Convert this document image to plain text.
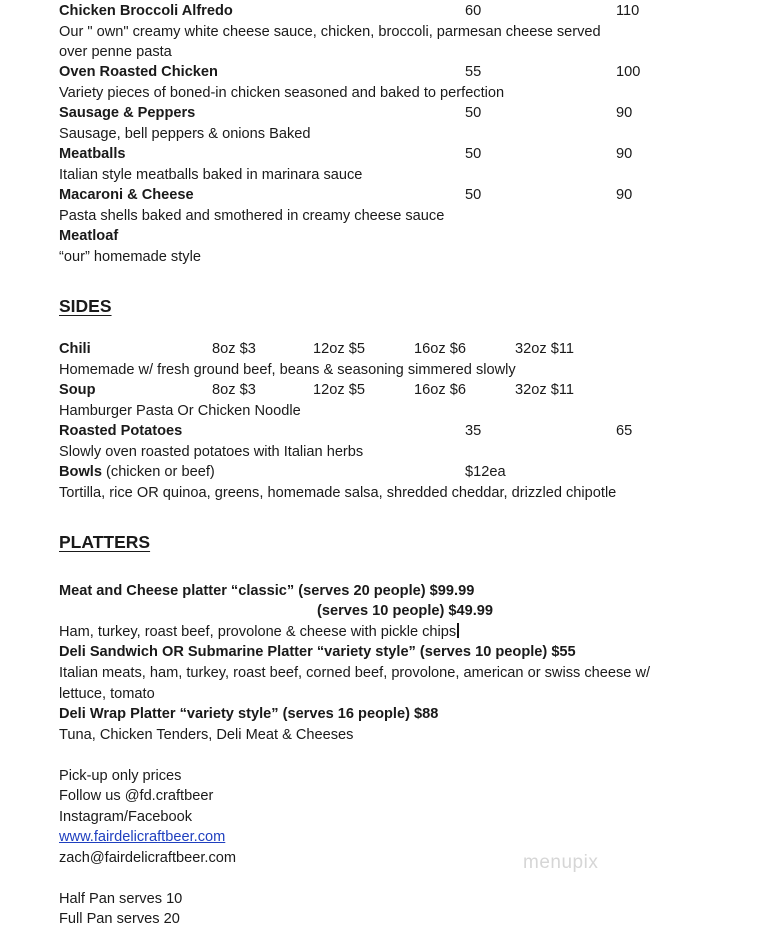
Chicken Broccoli Alfredo	60	110
Our " own" creamy white cheese sauce, chicken, broccoli, parmesan cheese served
over penne pasta
Oven Roasted Chicken	55	100
Variety pieces of boned-in chicken seasoned and baked to perfection
Sausage & Peppers	50	90
Sausage, bell peppers & onions Baked
Meatballs	50	90
Italian style meatballs baked in marinara sauce
Macaroni & Cheese	50	90
Pasta shells baked and smothered in creamy cheese sauce
Meatloaf
“our” homemade style
SIDES
Chili	8oz $3	12oz $5	16oz $6	32oz $11
Homemade w/ fresh ground beef, beans & seasoning simmered slowly
Soup	8oz $3	12oz $5	16oz $6	32oz $11
Hamburger Pasta Or Chicken Noodle
Roasted Potatoes	35	65
Slowly oven roasted potatoes with Italian herbs
Bowls (chicken or beef)	$12ea
Tortilla, rice OR quinoa, greens, homemade salsa, shredded cheddar, drizzled chipotle
PLATTERS
Meat and Cheese platter “classic” (serves 20 people) $99.99
(serves 10 people) $49.99
Ham, turkey, roast beef, provolone & cheese with pickle chips
Deli Sandwich OR Submarine Platter “variety style” (serves 10 people) $55
Italian meats, ham, turkey, roast beef, corned beef, provolone, american or swiss cheese w/
lettuce, tomato
Deli Wrap Platter “variety style” (serves 16 people) $88
Tuna, Chicken Tenders, Deli Meat & Cheeses
Pick-up only prices
Follow us @fd.craftbeer
Instagram/Facebook
www.fairdelicraftbeer.com
zach@fairdelicraftbeer.com
Half Pan serves 10
Full Pan serves 20
menupix
